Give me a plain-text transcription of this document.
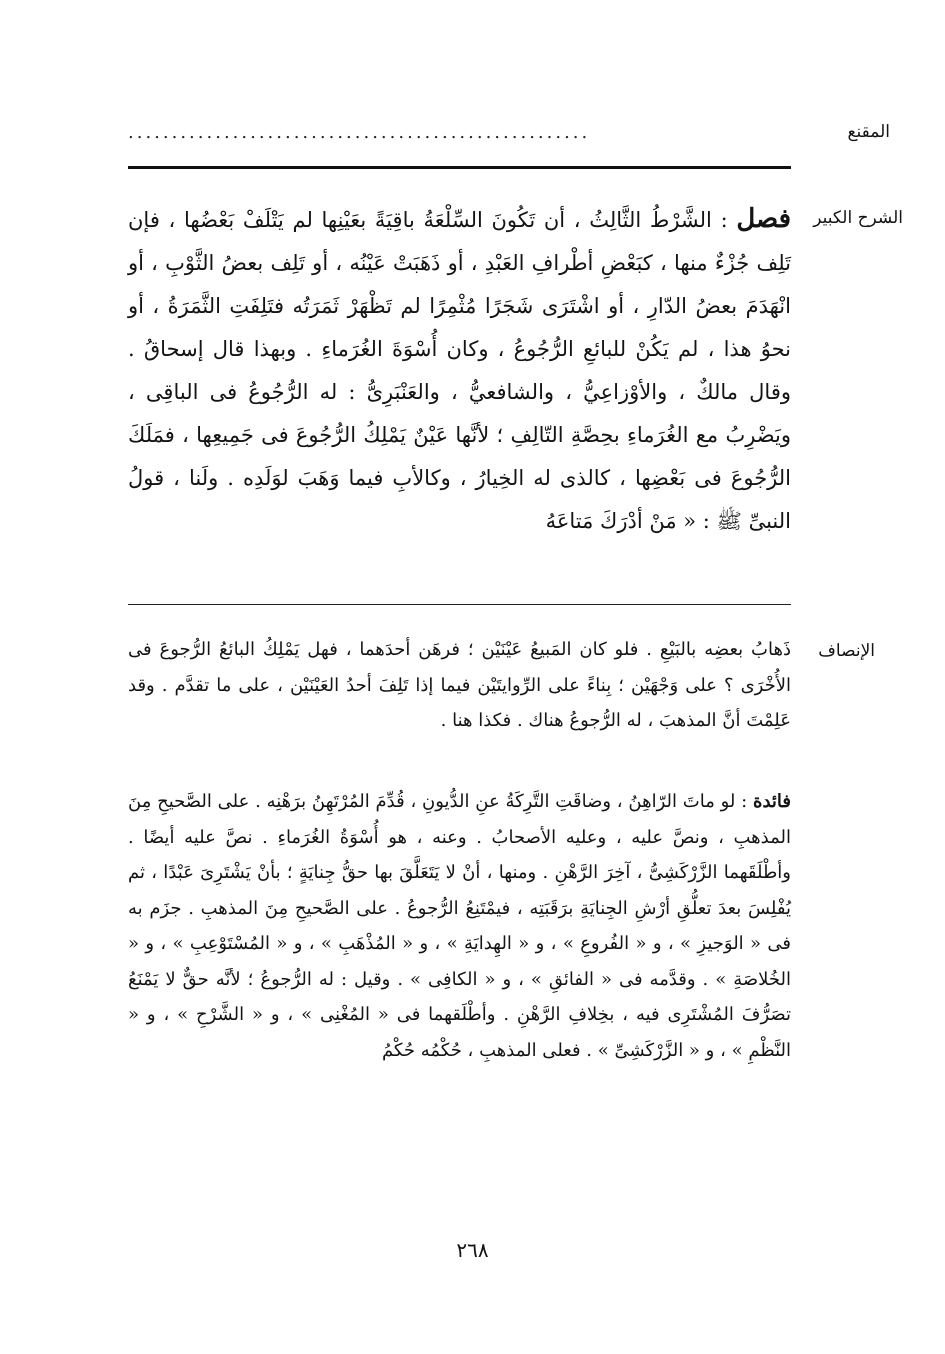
.....................................................	المقنع
الشرح الكبير

فصل : الشَّرْطُ الثَّالِثُ ، أن تَكُونَ السِّلْعَةُ باقِيَةً بعَيْنِها لم يَتْلَفْ بَعْضُها ، فإن تَلِف جُزْءٌ منها ، كبَعْضِ أطْرافِ العَبْدِ ، أو ذَهَبَتْ عَيْنُه ، أو تَلِف بعضُ الثَّوْبِ ، أو انْهَدَمَ بعضُ الدّارِ ، أو اشْتَرَى شَجَرًا مُثْمِرًا لم تَظْهَرْ ثَمَرَتُه فتَلِفَتِ الثَّمَرَةُ ، أو نحوُ هذا ، لم يَكُنْ للبائعِ الرُّجُوعُ ، وكان أُسْوَةَ الغُرَماءِ . وبهذا قال إسحاقُ . وقال مالكٌ ، والأوْزاعِيُّ ، والشافعيُّ ، والعَنْبَرِىُّ : له الرُّجُوعُ فى الباقِى ، ويَضْرِبُ مع الغُرَماءِ بحِصَّةِ التّالِفِ ؛ لأنَّها عَيْنٌ يَمْلِكُ الرُّجُوعَ فى جَمِيعِها ، فمَلَكَ الرُّجُوعَ فى بَعْضِها ، كالذى له الخِيارُ ، وكالأبِ فيما وَهَبَ لوَلَدِه . ولَنا ، قولُ النبىِّ ﷺ : « مَنْ أدْرَكَ مَتاعَهُ

الإنصاف

ذَهابُ بعضِه بالبَيْعِ . فلو كان المَبيعُ عَيْنَيْن ؛ فرهَن أحدَهما ، فهل يَمْلِكُ البائعُ الرُّجوعَ فى الأُخْرَى ؟ على وَجْهَيْن ؛ بِناءً على الرِّوايتَيْن فيما إذا تَلِفَ أحدُ العَيْنَيْن ، على ما تقدَّم . وقد عَلِمْتَ أنَّ المذهبَ ، له الرُّجوعُ هناك . فكذا هنا .

فائدة : لو ماتَ الرّاهِنُ ، وضاقَتِ التَّرِكَةُ عنِ الدُّيونِ ، قُدِّمَ المُرْتَهِنُ برَهْنِه . على الصَّحيحِ مِنَ المذهبِ ، ونصَّ عليه ، وعليه الأصحابُ . وعنه ، هو أُسْوَةُ الغُرَماءِ . نصَّ عليه أيضًا . وأطْلَقَهما الزَّرْكَشِىُّ ، آخِرَ الرَّهْنِ . ومنها ، أنْ لا يَتَعَلَّقَ بها حقُّ جِنايَةٍ ؛ بأنْ يَشْتَرِىَ عَبْدًا ، ثم يُفْلِسَ بعدَ تعلُّقِ أرْشِ الجِنايَةِ برَقَبَتِه ، فيمْتَنِعُ الرُّجوعُ . على الصَّحيحِ مِنَ المذهبِ . جزَم به فى « الوَجيزِ » ، و « الفُروعِ » ، و « الهِدايَةِ » ، و « المُذْهَبِ » ، و « المُسْتَوْعِبِ » ، و « الخُلاصَةِ » . وقدَّمه فى « الفائقِ » ، و « الكافِى » . وقيل : له الرُّجوعُ ؛ لأنَّه حقٌّ لا يَمْنَعُ تصَرُّفَ المُشْتَرِى فيه ، بخِلافِ الرَّهْنِ . وأطْلَقهما فى « المُغْنِى » ، و « الشَّرْحِ » ، و « النَّظْمِ » ، و « الزَّرْكَشِىِّ » . فعلى المذهبِ ، حُكْمُه حُكْمُ

٢٦٨
